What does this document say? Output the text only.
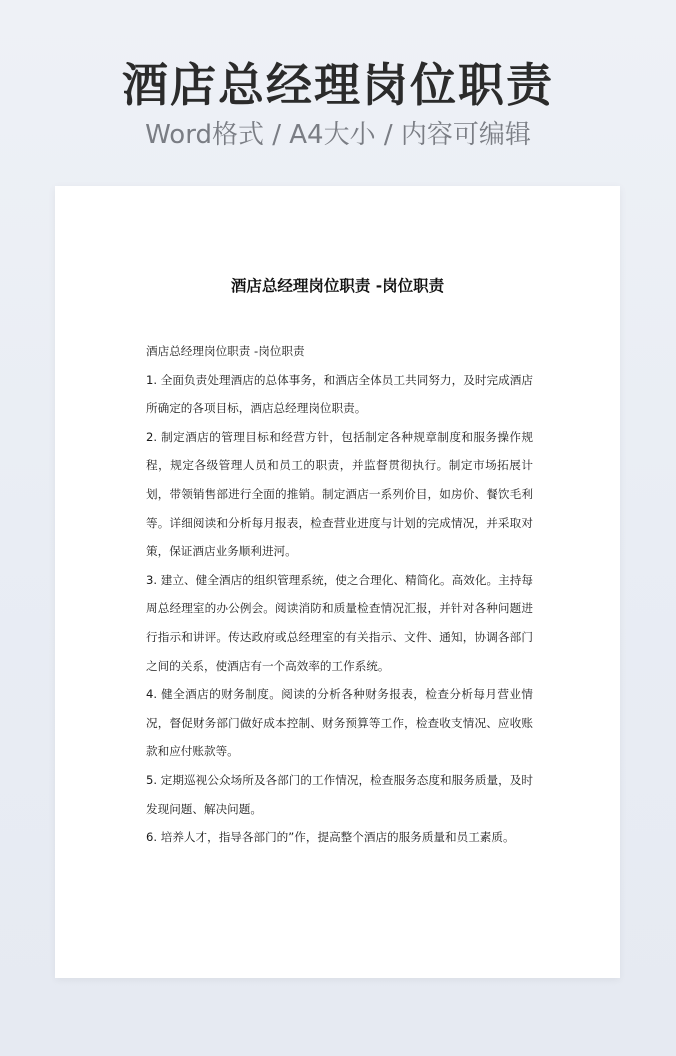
酒店总经理岗位职责
Word格式 / A4大小 / 内容可编辑
酒店总经理岗位职责 -岗位职责

酒店总经理岗位职责 -岗位职责

1. 全面负责处理酒店的总体事务，和酒店全体员工共同努力，及时完成酒店所确定的各项目标，酒店总经理岗位职责。

2. 制定酒店的管理目标和经营方针，包括制定各种规章制度和服务操作规程，规定各级管理人员和员工的职责，并监督贯彻执行。制定市场拓展计划，带领销售部进行全面的推销。制定酒店一系列价目，如房价、餐饮毛利等。详细阅读和分析每月报表，检查营业进度与计划的完成情况，并采取对策，保证酒店业务顺利进河。

3. 建立、健全酒店的组织管理系统，使之合理化、精简化。高效化。主持每周总经理室的办公例会。阅读消防和质量检查情况汇报，并针对各种问题进行指示和讲评。传达政府或总经理室的有关指示、文件、通知，协调各部门之间的关系，使酒店有一个高效率的工作系统。

4. 健全酒店的财务制度。阅读的分析各种财务报表，检查分析每月营业情况，督促财务部门做好成本控制、财务预算等工作，检查收支情况、应收账款和应付账款等。

5. 定期巡视公众场所及各部门的工作情况，检查服务态度和服务质量，及时发现问题、解决问题。

6. 培养人才，指导各部门的”作，提高整个酒店的服务质量和员工素质。
